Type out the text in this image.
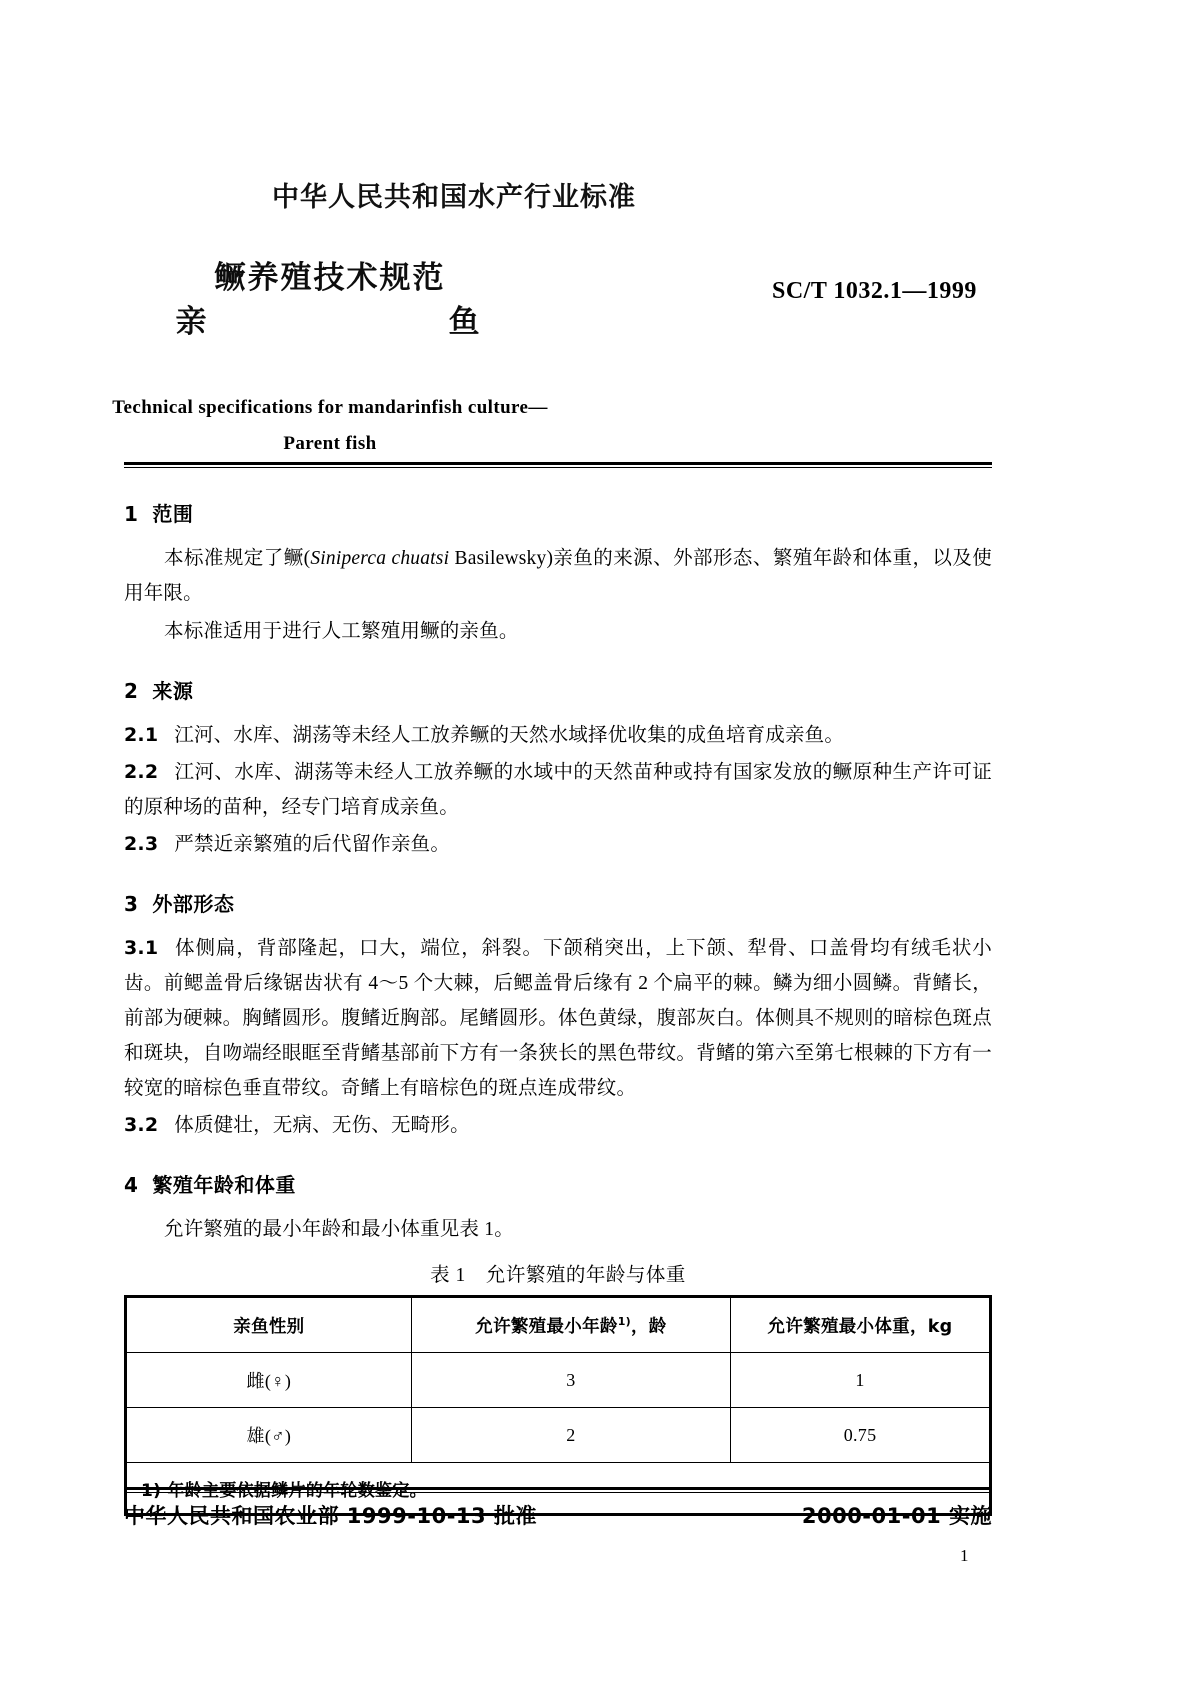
中华人民共和国水产行业标准
鳜养殖技术规范
亲　　鱼
SC/T 1032.1—1999
Technical specifications for mandarinfish culture—
Parent fish
1 范围

本标准规定了鳜(Siniperca chuatsi Basilewsky)亲鱼的来源、外部形态、繁殖年龄和体重，以及使用年限。

本标准适用于进行人工繁殖用鳜的亲鱼。

2 来源

2.1 江河、水库、湖荡等未经人工放养鳜的天然水域择优收集的成鱼培育成亲鱼。

2.2 江河、水库、湖荡等未经人工放养鳜的水域中的天然苗种或持有国家发放的鳜原种生产许可证的原种场的苗种，经专门培育成亲鱼。

2.3 严禁近亲繁殖的后代留作亲鱼。

3 外部形态

3.1 体侧扁，背部隆起，口大，端位，斜裂。下颌稍突出，上下颌、犁骨、口盖骨均有绒毛状小齿。前鳃盖骨后缘锯齿状有 4～5 个大棘，后鳃盖骨后缘有 2 个扁平的棘。鳞为细小圆鳞。背鳍长，前部为硬棘。胸鳍圆形。腹鳍近胸部。尾鳍圆形。体色黄绿，腹部灰白。体侧具不规则的暗棕色斑点和斑块，自吻端经眼眶至背鳍基部前下方有一条狭长的黑色带纹。背鳍的第六至第七根棘的下方有一较宽的暗棕色垂直带纹。奇鳍上有暗棕色的斑点连成带纹。

3.2 体质健壮，无病、无伤、无畸形。

4 繁殖年龄和体重

允许繁殖的最小年龄和最小体重见表 1。

表 1 允许繁殖的年龄与体重
亲鱼性别	允许繁殖最小年龄$^{1)}$，龄	允许繁殖最小体重，kg
雌(♀)	3	1
雄(♂)	2	0.75
1) 年龄主要依据鳞片的年轮数鉴定。		
中华人民共和国农业部 1999-10-13 批准	2000-01-01 实施
1
